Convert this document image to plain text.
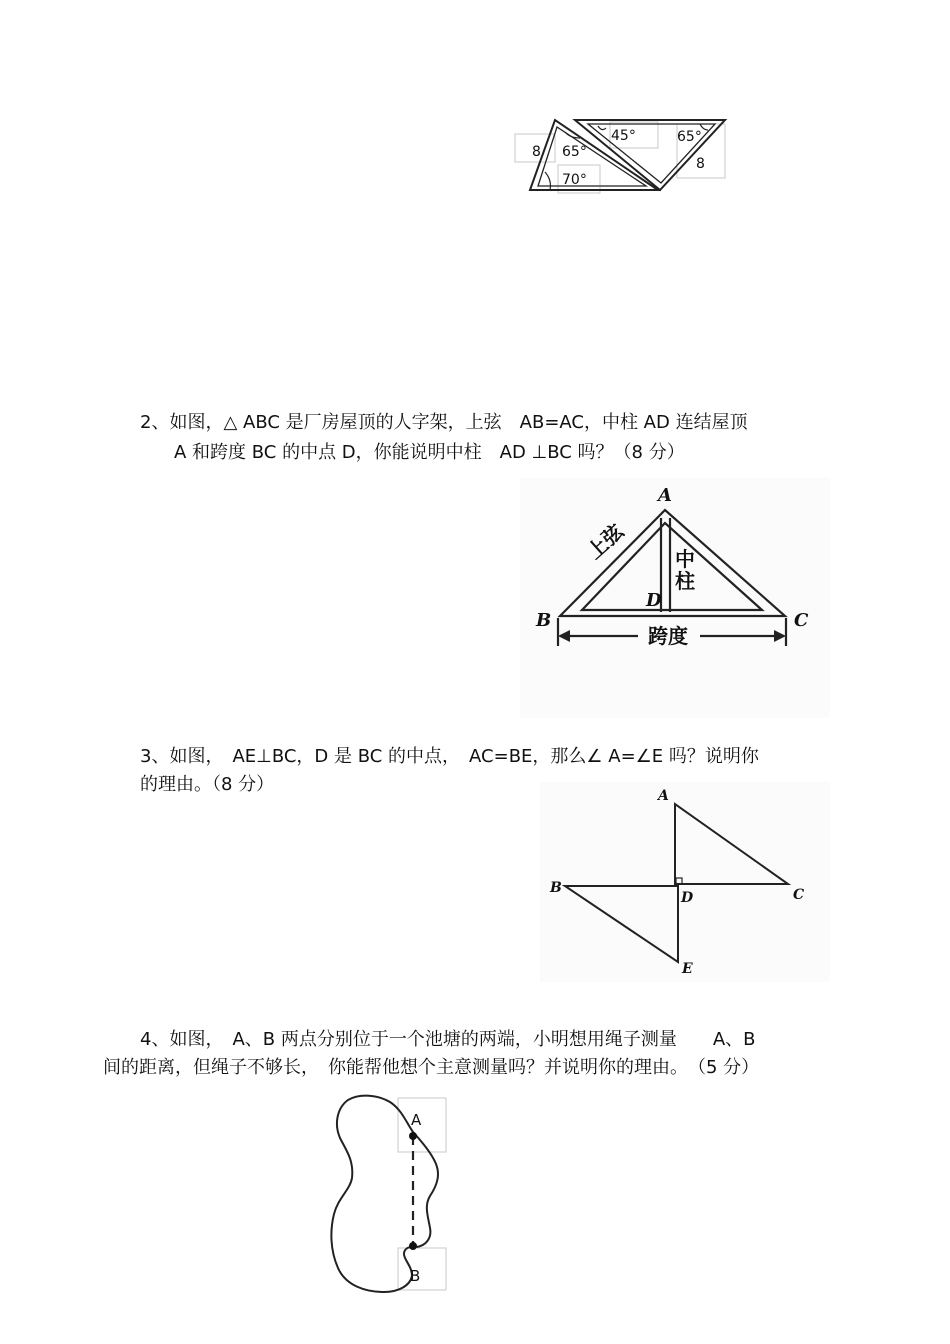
8 65°
70°
45°	65°
8

2、如图，△ ABC 是厂房屋顶的人字架，上弦　AB=AC，中柱 AD 连结屋顶

A 和跨度 BC 的中点 D，你能说明中柱　AD ⊥BC 吗？（8 分）

A
B	C
D
上弦 中
柱
跨度

3、如图，　AE⊥BC，D 是 BC 的中点，　AC=BE，那么∠ A=∠E 吗？说明你

的理由。（8 分）

A
B	C
D
E

4、如图，　A、B 两点分别位于一个池塘的两端，小明想用绳子测量　　A、B

间的距离，但绳子不够长，　你能帮他想个主意测量吗？并说明你的理由。　（5 分）

A
B
